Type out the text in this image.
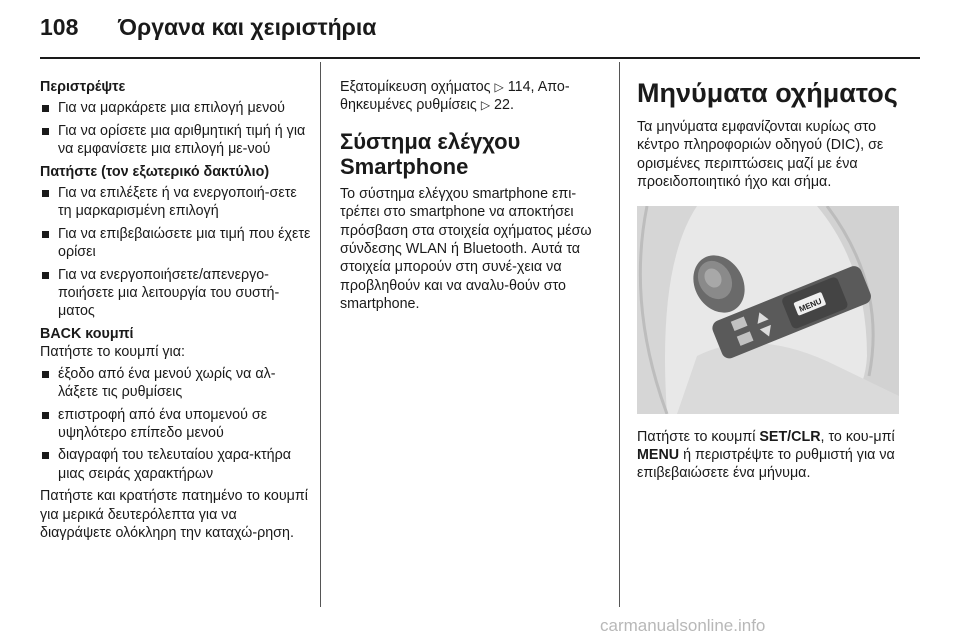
108 Όργανα και χειριστήρια

Περιστρέψτε

Για να μαρκάρετε μια επιλογή μενού
Για να ορίσετε μια αριθμητική τιμή ή για να εμφανίσετε μια επιλογή με‐νού

Πατήστε (τον εξωτερικό δακτύλιο)

Για να επιλέξετε ή να ενεργοποιή‐σετε τη μαρκαρισμένη επιλογή
Για να επιβεβαιώσετε μια τιμή που έχετε ορίσει
Για να ενεργοποιήσετε/απενεργο‐ποιήσετε μια λειτουργία του συστή‐ματος

BACK κουμπί

Πατήστε το κουμπί για:

έξοδο από ένα μενού χωρίς να αλ‐λάξετε τις ρυθμίσεις
επιστροφή από ένα υπομενού σε υψηλότερο επίπεδο μενού
διαγραφή του τελευταίου χαρα‐κτήρα μιας σειράς χαρακτήρων

Πατήστε και κρατήστε πατημένο το κουμπί για μερικά δευτερόλεπτα για να διαγράψετε ολόκληρη την καταχώ‐ρηση.

Εξατομίκευση οχήματος ▷ 114, Απο‐θηκευμένες ρυθμίσεις ▷ 22.

Σύστημα ελέγχου Smartphone

Το σύστημα ελέγχου smartphone επι‐τρέπει στο smartphone να αποκτήσει πρόσβαση στα στοιχεία οχήματος μέσω σύνδεσης WLAN ή Bluetooth. Αυτά τα στοιχεία μπορούν στη συνέ‐χεια να προβληθούν και να αναλυ‐θούν στο smartphone.

Μηνύματα οχήματος

Τα μηνύματα εμφανίζονται κυρίως στο κέντρο πληροφοριών οδηγού (DIC), σε ορισμένες περιπτώσεις μαζί με ένα προειδοποιητικό ήχο και σήμα.

MENU

Πατήστε το κουμπί SET/CLR, το κου‐μπί MENU ή περιστρέψτε το ρυθμιστή για να επιβεβαιώσετε ένα μήνυμα.

carmanualsonline.info
